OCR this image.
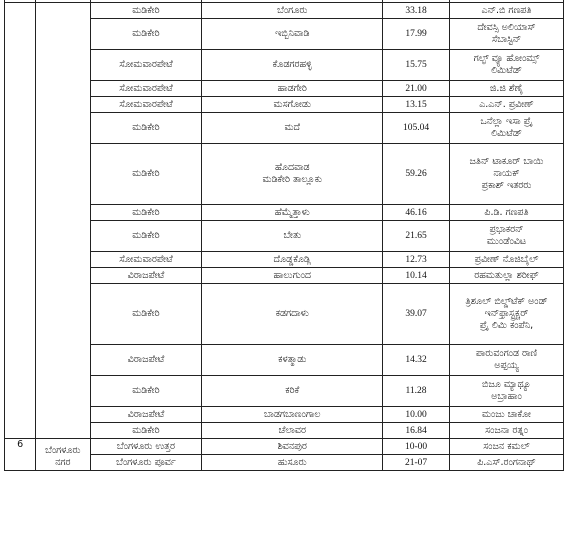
		ಮಡಿಕೇರಿ	ಬೆಂಗೂರು	33.18	ಎನ್.ಬಿ ಗಣಪತಿ

		ಮಡಿಕೇರಿ	ಇಬ್ಬಿನಿವಾಡಿ	17.99	ದೇವಸ್ಸಿ ಅಲಿಯಾಸ್
ಸೆಬಾಸ್ಟಿನ್

		ಸೋಮವಾರಪೇಟೆ	ಕೊಡಗರಹಳ್ಳಿ	15.75	ಗಲ್ಫ್ ವ್ಯೂ ಹೋಂಮ್ಸ್
ಲಿಮಿಟೆಡ್

		ಸೋಮವಾರಪೇಟೆ	ಹಾಡಗೇರಿ	21.00	ಜಿ.ಜಿ ಶೆಣೈ

		ಸೋಮವಾರಪೇಟೆ	ಮಸಗೋಡು	13.15	ಎ.ಎನ್. ಪ್ರವೀಣ್

		ಮಡಿಕೇರಿ	ಮದೆ	105.04	ಒನೆಲ್ಲಾ ಇಸಾ ಪ್ರೈ
ಲಿಮಿಟೆಡ್

		ಮಡಿಕೇರಿ	ಹೊದವಾಡ
ಮಡಿಕೇರಿ ತಾಲ್ಲೂಕು	59.26	ಜತಿನ್ ಟಾಕೂರ್ ಬಾಯಿ
ನಾಯಕ್
ಪ್ರಕಾಶ್ ಇತರರು

		ಮಡಿಕೇರಿ	ಹೆಮ್ಮೆತ್ತಾಳು	46.16	ಪಿ.ಡಿ. ಗಣಪತಿ

		ಮಡಿಕೇರಿ	ಬೇತು	21.65	ಪ್ರಭಾಕರನ್
ಮುಂಡೆಂವಿಟ

		ಸೋಮವಾರಪೇಟೆ	ದೊಡ್ಡಕೊಡ್ಲಿ	12.73	ಪ್ರವೀಣ್ ನೊಜಿಬೈಲ್

		ವಿರಾಜಪೇಟೆ	ಹಾಲುಗುಂದ	10.14	ರಹಮತುಲ್ಲಾ ಶರೀಫ್

		ಮಡಿಕೇರಿ	ಕಡಗದಾಳು	39.07	ತ್ರಿಶೂಲ್ ಬಿಲ್ಡ್‌ಟೆಕ್ ಅಂಡ್
ಇನ್‌ಫ್ರಾಸ್ಟ್ರಕ್ಚರ್
ಪ್ರೈ ಲಿಮಿ ಕಂಪೆನಿ,

		ವಿರಾಜಪೇಟೆ	ಕಳತ್ಮಾಡು	14.32	ಪಾರುವಂಗಂಡ ರಾಣಿ
ಅಪ್ಪಯ್ಯ

		ಮಡಿಕೇರಿ	ಕರಿಕೆ	11.28	ಬಿಜೂ ಮ್ಯಾಥ್ಯೂ
ಅಬ್ರಾಹಾಂ

		ವಿರಾಜಪೇಟೆ	ಬಾಡಗಬಾಣಂಗಾಲ	10.00	ಮಂಜು ಚಾಕೋ

		ಮಡಿಕೇರಿ	ಚೆಲಾವರ	16.84	ಸಂಜನಾ ರತ್ನಂ

6	ಬೆಂಗಳೂರು ನಗರ	ಬೆಂಗಳೂರು ಉತ್ತರ	ಶಿವನಪುರ	10-00	ಸಂಜನ ಕಮಲ್

		ಬೆಂಗಳೂರು ಪೂರ್ವ	ಹುಸೂರು	21-07	ಪಿ.ಎಸ್.ರಂಗನಾಥ್
